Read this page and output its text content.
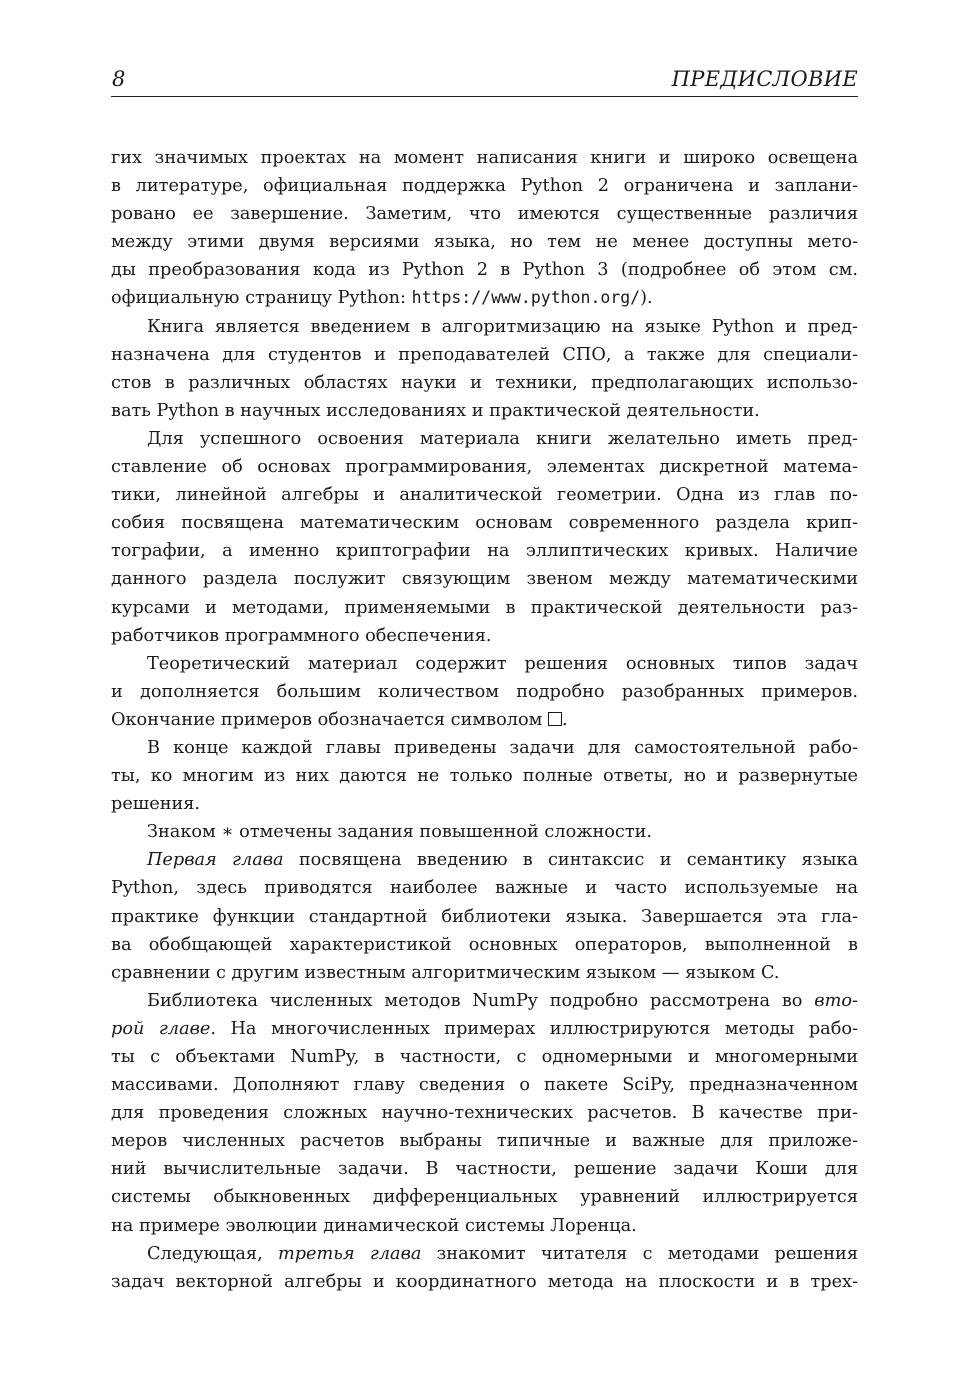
8	ПРЕДИСЛОВИЕ
гих значимых проектах на момент написания книги и широко освещена
в литературе, официальная поддержка Python 2 ограничена и заплани-
ровано ее завершение. Заметим, что имеются существенные различия
между этими двумя версиями языка, но тем не менее доступны мето-
ды преобразования кода из Python 2 в Python 3 (подробнее об этом см.
официальную страницу Python: https://www.python.org/).
Книга является введением в алгоритмизацию на языке Python и пред-
назначена для студентов и преподавателей СПО, а также для специали-
стов в различных областях науки и техники, предполагающих использо-
вать Python в научных исследованиях и практической деятельности.
Для успешного освоения материала книги желательно иметь пред-
ставление об основах программирования, элементах дискретной матема-
тики, линейной алгебры и аналитической геометрии. Одна из глав по-
собия посвящена математическим основам современного раздела крип-
тографии, а именно криптографии на эллиптических кривых. Наличие
данного раздела послужит связующим звеном между математическими
курсами и методами, применяемыми в практической деятельности раз-
работчиков программного обеспечения.
Теоретический материал содержит решения основных типов задач
и дополняется большим количеством подробно разобранных примеров.
Окончание примеров обозначается символом .
В конце каждой главы приведены задачи для самостоятельной рабо-
ты, ко многим из них даются не только полные ответы, но и развернутые
решения.
Знаком ∗ отмечены задания повышенной сложности.
Первая глава посвящена введению в синтаксис и семантику языка
Python, здесь приводятся наиболее важные и часто используемые на
практике функции стандартной библиотеки языка. Завершается эта гла-
ва обобщающей характеристикой основных операторов, выполненной в
сравнении с другим известным алгоритмическим языком — языком C.
Библиотека численных методов NumPy подробно рассмотрена во вто-
рой главе. На многочисленных примерах иллюстрируются методы рабо-
ты с объектами NumPy, в частности, с одномерными и многомерными
массивами. Дополняют главу сведения о пакете SciPy, предназначенном
для проведения сложных научно-технических расчетов. В качестве при-
меров численных расчетов выбраны типичные и важные для приложе-
ний вычислительные задачи. В частности, решение задачи Коши для
системы обыкновенных дифференциальных уравнений иллюстрируется
на примере эволюции динамической системы Лоренца.
Следующая, третья глава знакомит читателя с методами решения
задач векторной алгебры и координатного метода на плоскости и в трех-
